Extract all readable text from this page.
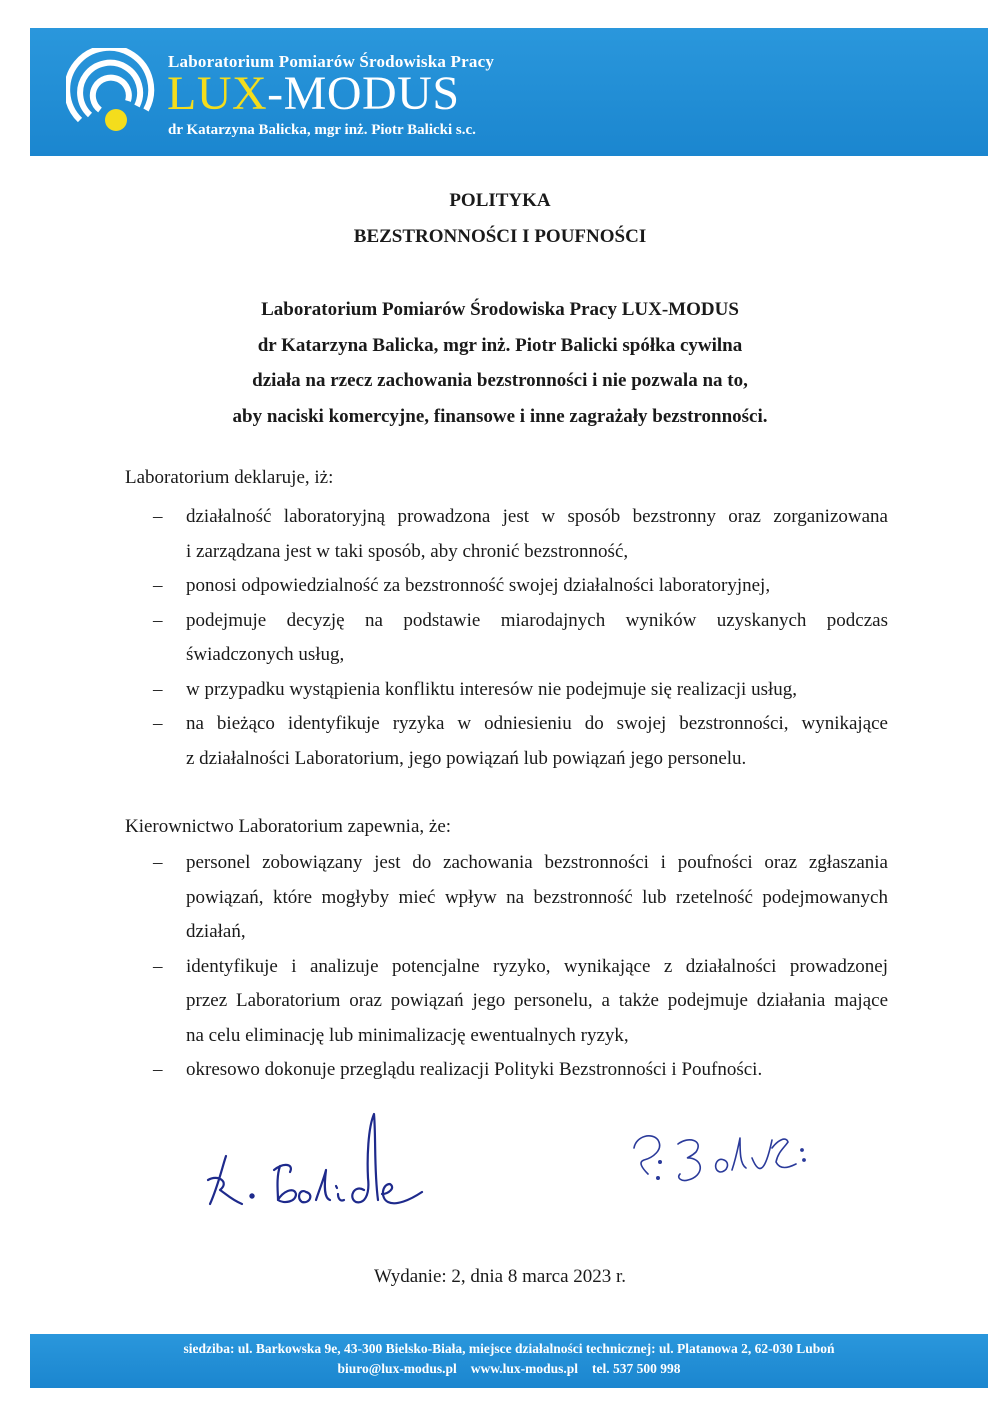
Laboratorium Pomiarów Środowiska Pracy
LUX-MODUS
dr Katarzyna Balicka, mgr inż. Piotr Balicki s.c.
POLITYKA
BEZSTRONNOŚCI I POUFNOŚCI
Laboratorium Pomiarów Środowiska Pracy LUX-MODUS
dr Katarzyna Balicka, mgr inż. Piotr Balicki spółka cywilna
działa na rzecz zachowania bezstronności i nie pozwala na to,
aby naciski komercyjne, finansowe i inne zagrażały bezstronności.
Laboratorium deklaruje, iż:
– działalność laboratoryjną prowadzona jest w sposób bezstronny oraz zorganizowana
i zarządzana jest w taki sposób, aby chronić bezstronność,
– ponosi odpowiedzialność za bezstronność swojej działalności laboratoryjnej,
– podejmuje decyzję na podstawie miarodajnych wyników uzyskanych podczas
świadczonych usług,
– w przypadku wystąpienia konfliktu interesów nie podejmuje się realizacji usług,
– na bieżąco identyfikuje ryzyka w odniesieniu do swojej bezstronności, wynikające
z działalności Laboratorium, jego powiązań lub powiązań jego personelu.
Kierownictwo Laboratorium zapewnia, że:
– personel zobowiązany jest do zachowania bezstronności i poufności oraz zgłaszania
powiązań, które mogłyby mieć wpływ na bezstronność lub rzetelność podejmowanych
działań,
– identyfikuje i analizuje potencjalne ryzyko, wynikające z działalności prowadzonej
przez Laboratorium oraz powiązań jego personelu, a także podejmuje działania mające
na celu eliminację lub minimalizację ewentualnych ryzyk,
– okresowo dokonuje przeglądu realizacji Polityki Bezstronności i Poufności.
Wydanie: 2, dnia 8 marca 2023 r.
siedziba: ul. Barkowska 9e, 43-300 Bielsko-Biała, miejsce działalności technicznej: ul. Platanowa 2, 62-030 Luboń
biuro@lux-modus.pl www.lux-modus.pl tel. 537 500 998
